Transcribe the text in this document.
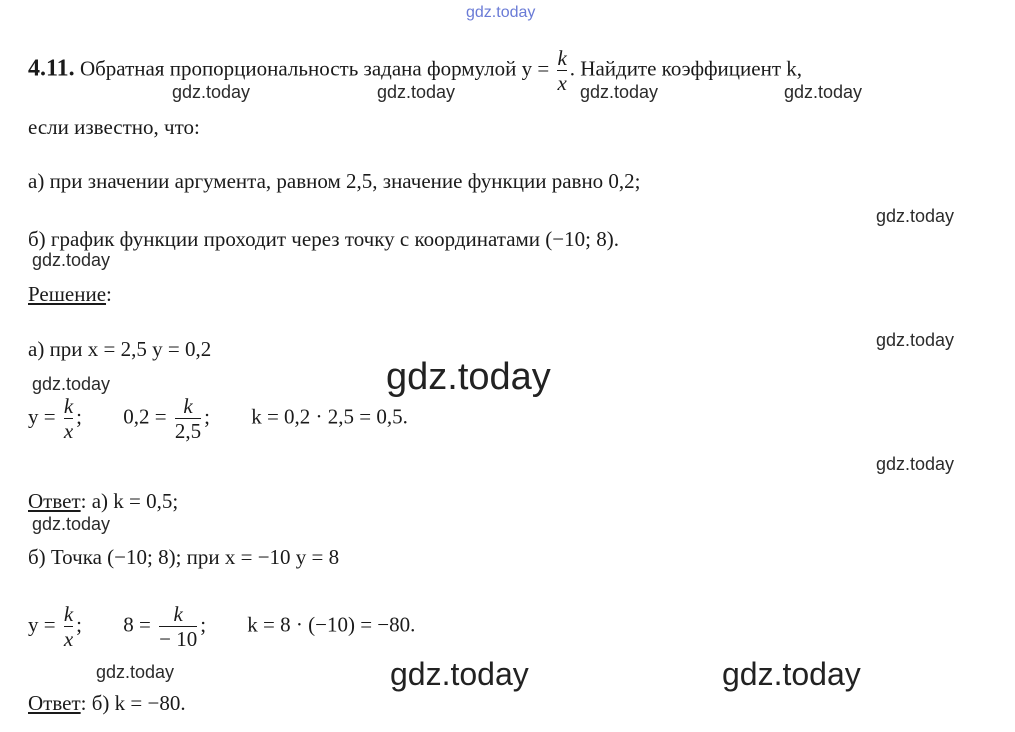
gdz.today
gdz.today	gdz.today	gdz.today	gdz.today
gdz.today
gdz.today
gdz.today
gdz.today	gdz.today
gdz.today
gdz.today
gdz.today	gdz.today	gdz.today
4.11. Обратная пропорциональность задана формулой $y = \frac{k}{x}$ . Найдите коэффициент k,
если известно, что:
а) при значении аргумента, равном 2,5, значение функции равно 0,2;
б) график функции проходит через точку с координатами (−10; 8).
Решение:
а) при x = 2,5 y = 0,2
$y = \frac{k}{x}$ ; $0,2 = \frac{k}{2,5}$ ; k = 0,2 · 2,5 = 0,5.
Ответ: а) k = 0,5;
б) Точка (−10; 8); при x = −10 y = 8
$y = \frac{k}{x}$ ; $8 = \frac{k}{- 10}$ ; k = 8 · (−10) = −80.
Ответ: б) k = −80.
